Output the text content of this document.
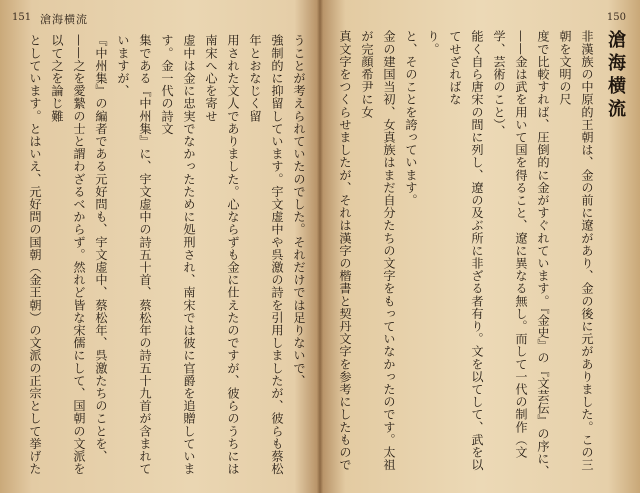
151 滄海横流
うことが考えられていたのでした。それだけでは足りないで、
強制的に抑留しています。宇文虚中や呉激の詩を引用しましたが、彼らも蔡松年とおなじく留
用された文人でありました。心ならずも金に仕えたのですが、彼らのうちには南宋へ心を寄せ
虚中は金に忠実でなかったために処刑され、南宋では彼に官爵を追贈しています。金一代の詩文
集である『中州集』に、宇文虚中の詩五十首、蔡松年の詩五十九首が含まれていますが、
『中州集』の編者である元好問も、宇文虚中、蔡松年、呉激たちのことを、
——之を愛縶の士と謂わざるべからず。然れど皆な宋儒にして、国朝の文派を以て之を論じ難
としています。とはいえ、元好問の国朝（金王朝）の文派の正宗として挙げた
150
滄海横流
非漢族の中原的王朝は、金の前に遼があり、金の後に元がありました。この三朝を文明の尺
度で比較すれば、圧倒的に金がすぐれています。『金史』の『文芸伝』の序に、
——金は武を用いて国を得ること、遼に異なる無し。而して一代の制作（文学、芸術のこと）、
能く自ら唐宋の間に列し、遼の及ぶ所に非ざる者有り。文を以てして、武を以てせざればな
り。
と、そのことを誇っています。
金の建国当初、女真族はまだ自分たちの文字をもっていなかったのです。太祖が完顔希尹に女
真文字をつくらせましたが、それは漢字の楷書と契丹文字を参考にしたもので
